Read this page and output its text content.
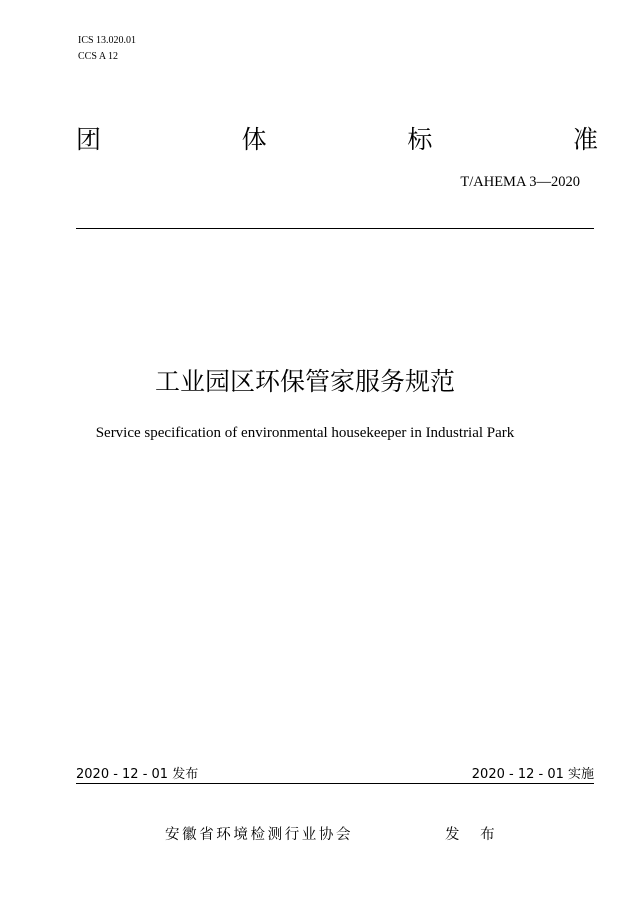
ICS 13.020.01
CCS A 12
团	体	标	准
T/AHEMA 3—2020
工业园区环保管家服务规范
Service specification of environmental housekeeper in Industrial Park
2020 - 12 - 01 发布	2020 - 12 - 01 实施
安徽省环境检测行业协会	发 布
